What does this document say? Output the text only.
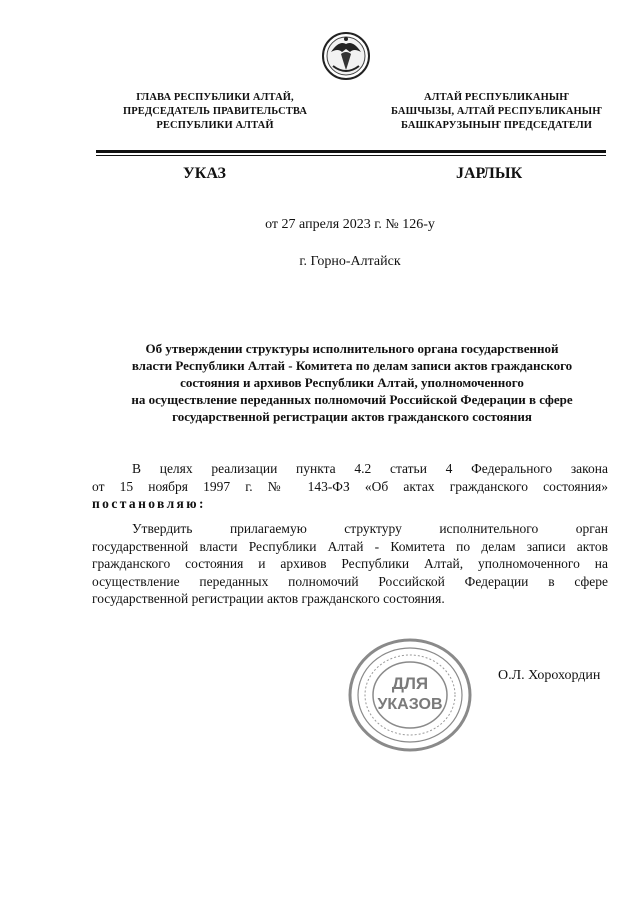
ГЛАВА РЕСПУБЛИКИ АЛТАЙ,
ПРЕДСЕДАТЕЛЬ ПРАВИТЕЛЬСТВА
РЕСПУБЛИКИ АЛТАЙ
АЛТАЙ РЕСПУБЛИКАНЫҤ
БАШЧЫЗЫ, АЛТАЙ РЕСПУБЛИКАНЫҤ
БАШКАРУЗЫНЫҤ ПРЕДСЕДАТЕЛИ
УКАЗ	JАРЛЫК
от 27 апреля 2023 г. № 126-у
г. Горно-Алтайск
Об утверждении структуры исполнительного органа государственной
власти Республики Алтай - Комитета по делам записи актов гражданского
состояния и архивов Республики Алтай, уполномоченного
на осуществление переданных полномочий Российской Федерации в сфере
государственной регистрации актов гражданского состояния
В целях реализации пункта 4.2 статьи 4 Федерального закона
от 15 ноября 1997 г. № 143-ФЗ «Об актах гражданского состояния»
постановляю:
Утвердить прилагаемую структуру исполнительного орган
государственной власти Республики Алтай - Комитета по делам записи актов
гражданского состояния и архивов Республики Алтай, уполномоченного на
осуществление переданных полномочий Российской Федерации в сфере
государственной регистрации актов гражданского состояния.
ДЛЯ
УКАЗОВ
О.Л. Хорохордин
